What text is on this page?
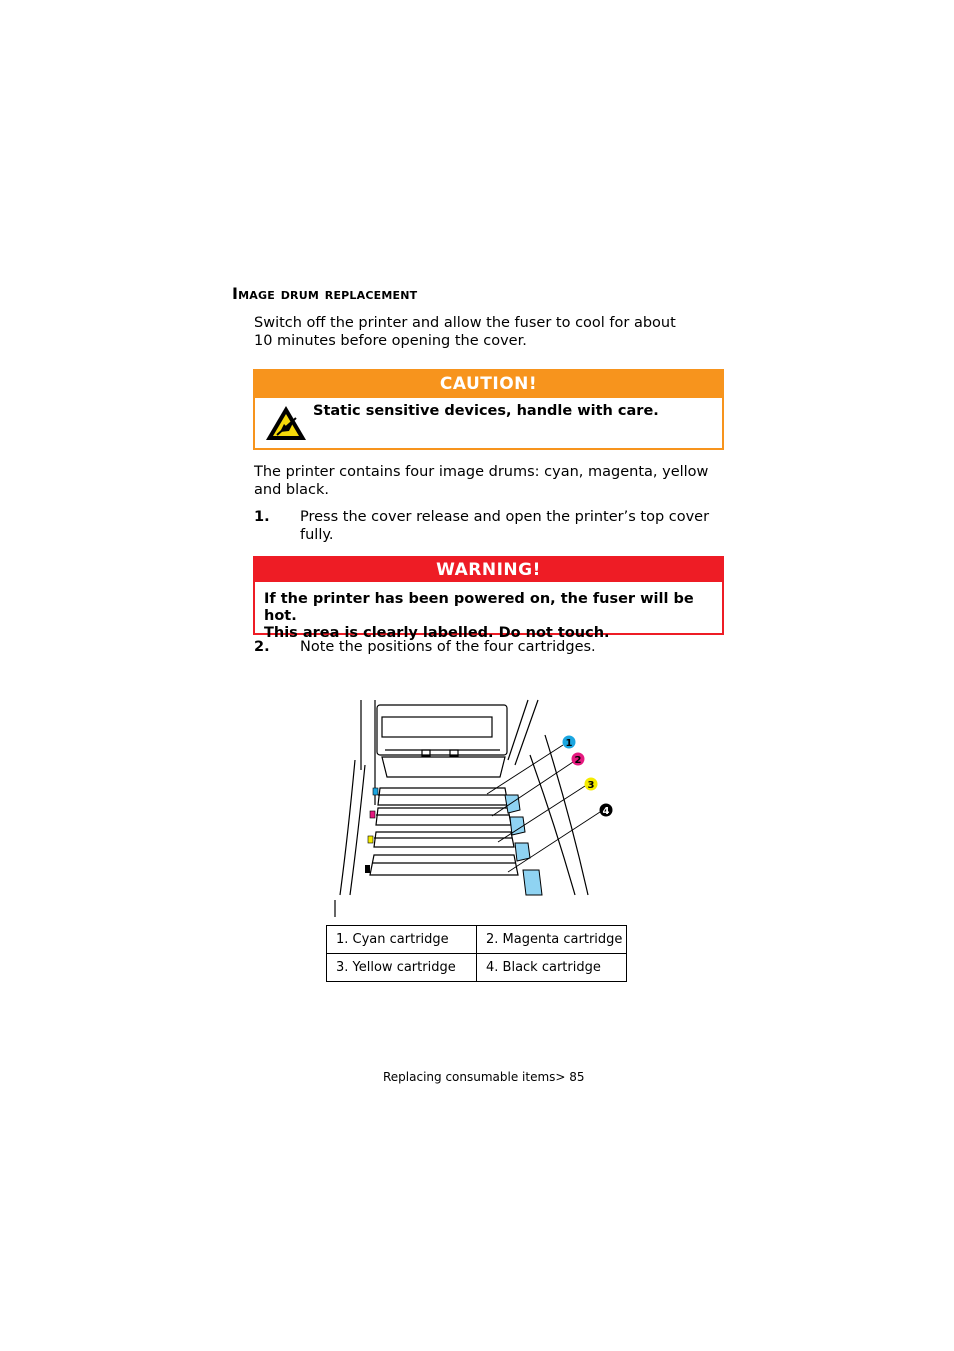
Image drum replacement
Switch off the printer and allow the fuser to cool for about 10 minutes before opening the cover.
CAUTION!
Static sensitive devices, handle with care.
The printer contains four image drums: cyan, magenta, yellow and black.
1. Press the cover release and open the printer’s top cover fully.
WARNING!
If the printer has been powered on, the fuser will be hot.
This area is clearly labelled. Do not touch.
2. Note the positions of the four cartridges.
1
2
3
4
1. Cyan cartridge	2. Magenta cartridge
3. Yellow cartridge	4. Black cartridge
Replacing consumable items> 85
